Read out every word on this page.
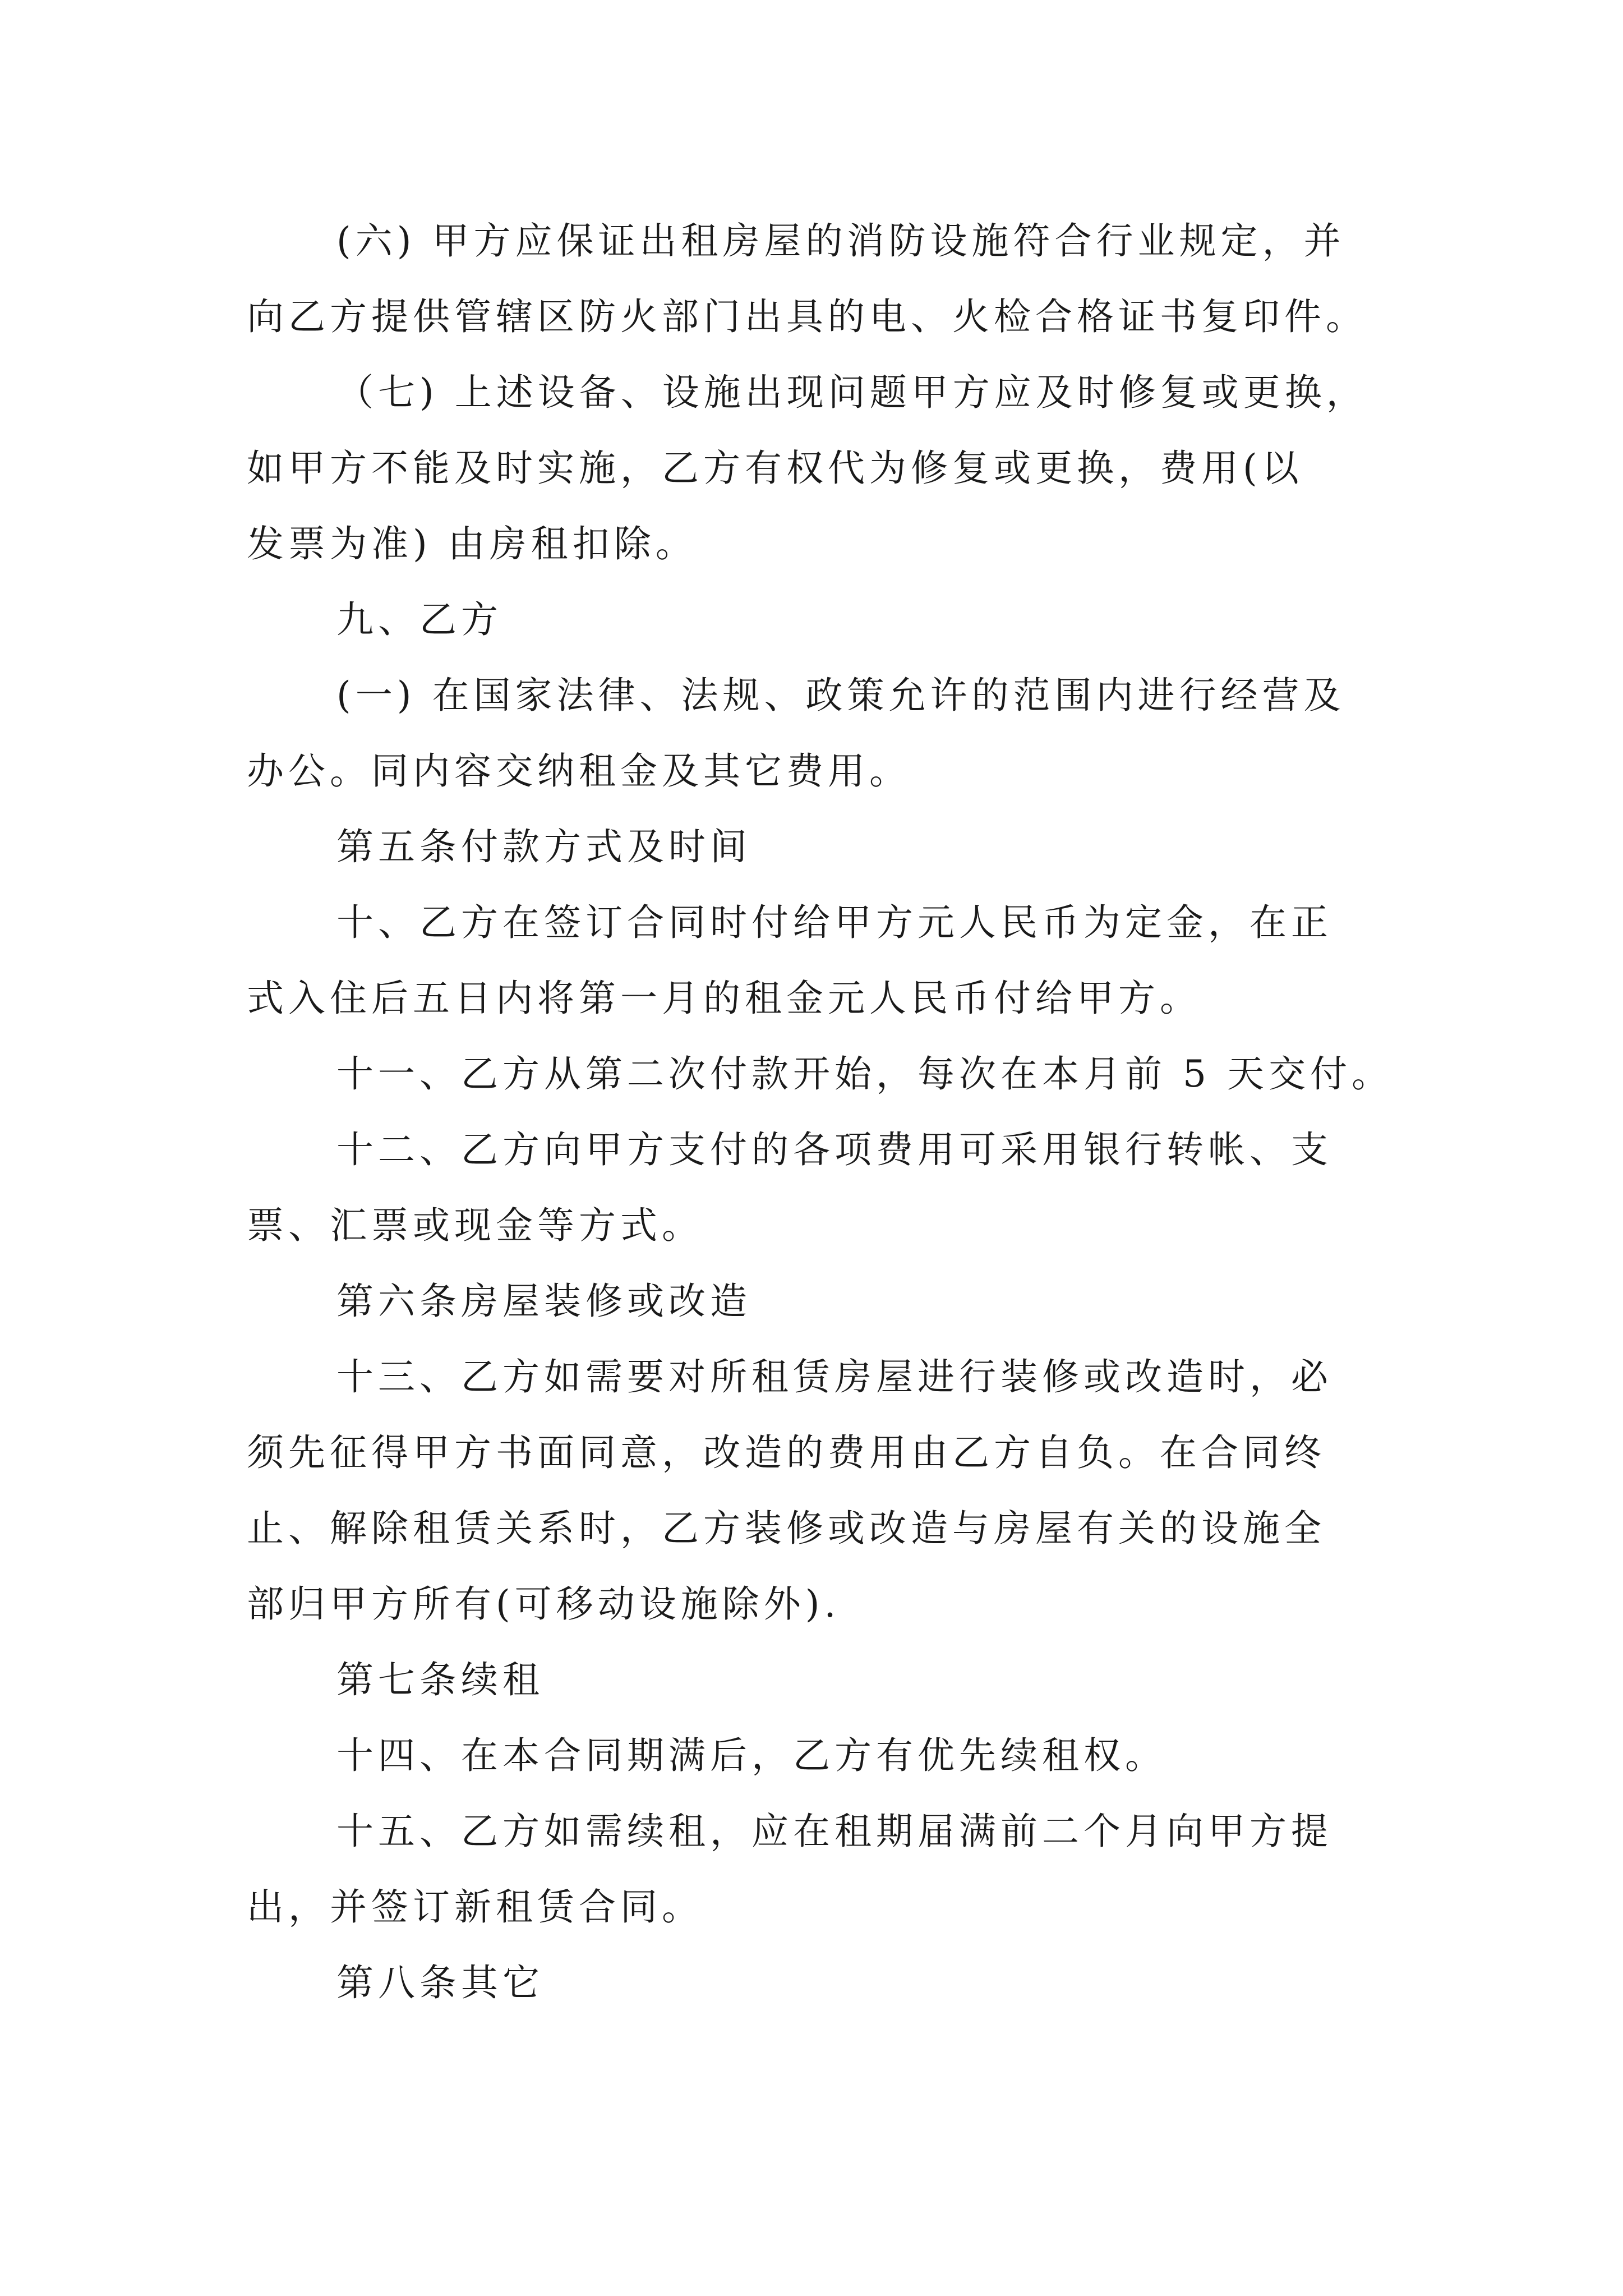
(六) 甲方应保证出租房屋的消防设施符合行业规定，并
向乙方提供管辖区防火部门出具的电、火检合格证书复印件。
（七) 上述设备、设施出现问题甲方应及时修复或更换，
如甲方不能及时实施，乙方有权代为修复或更换，费用(以
发票为准) 由房租扣除。
九、乙方
(一) 在国家法律、法规、政策允许的范围内进行经营及
办公。同内容交纳租金及其它费用。
第五条付款方式及时间
十、乙方在签订合同时付给甲方元人民币为定金，在正
式入住后五日内将第一月的租金元人民币付给甲方。
十一、乙方从第二次付款开始，每次在本月前 5 天交付。
十二、乙方向甲方支付的各项费用可采用银行转帐、支
票、汇票或现金等方式。
第六条房屋装修或改造
十三、乙方如需要对所租赁房屋进行装修或改造时，必
须先征得甲方书面同意，改造的费用由乙方自负。在合同终
止、解除租赁关系时，乙方装修或改造与房屋有关的设施全
部归甲方所有(可移动设施除外).
第七条续租
十四、在本合同期满后，乙方有优先续租权。
十五、乙方如需续租，应在租期届满前二个月向甲方提
出，并签订新租赁合同。
第八条其它
